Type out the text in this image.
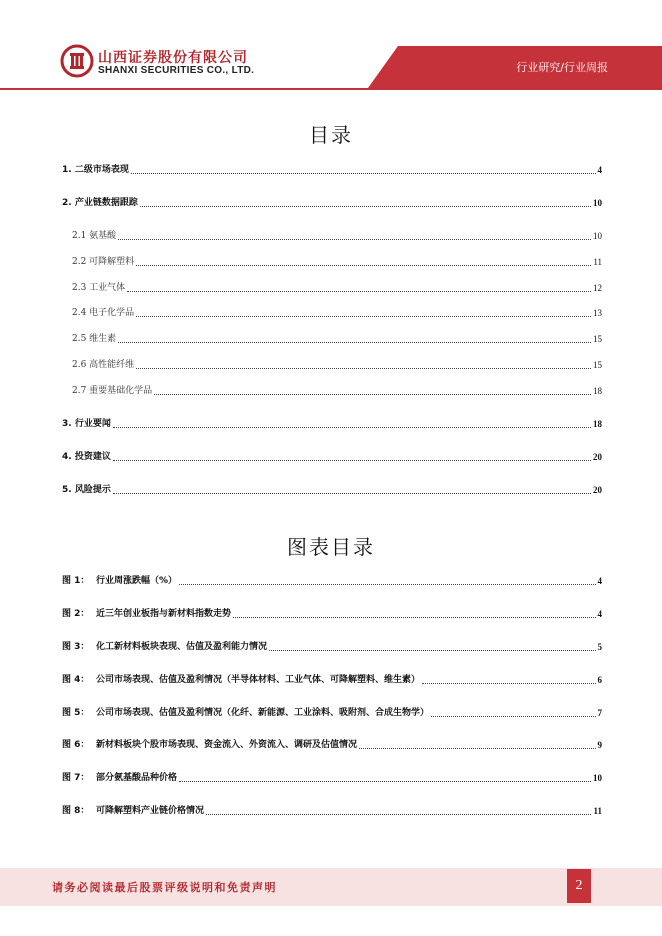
山西证券股份有限公司
SHANXI SECURITIES CO., LTD.	行业研究/行业周报
目录
1. 二级市场表现	4
2. 产业链数据跟踪	10
2.1 氨基酸	10
2.2 可降解塑料	11
2.3 工业气体	12
2.4 电子化学品	13
2.5 维生素	15
2.6 高性能纤维	15
2.7 重要基础化学品	18
3. 行业要闻	18
4. 投资建议	20
5. 风险提示	20
图表目录
图 1： 行业周涨跌幅（%）	4
图 2： 近三年创业板指与新材料指数走势	4
图 3： 化工新材料板块表现、估值及盈利能力情况	5
图 4： 公司市场表现、估值及盈利情况（半导体材料、工业气体、可降解塑料、维生素）	6
图 5： 公司市场表现、估值及盈利情况（化纤、新能源、工业涂料、吸附剂、合成生物学）	7
图 6： 新材料板块个股市场表现、资金流入、外资流入、调研及估值情况	9
图 7： 部分氨基酸品种价格	10
图 8： 可降解塑料产业链价格情况	11
请务必阅读最后股票评级说明和免责声明	2
